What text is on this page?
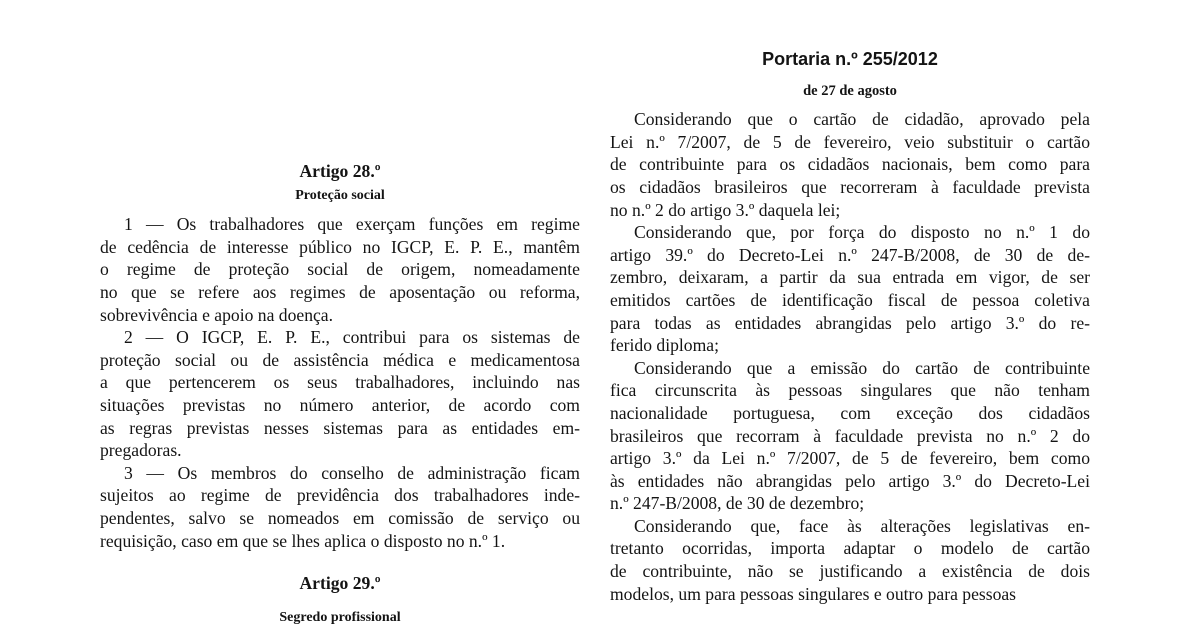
Artigo 28.º
Proteção social
1 — Os trabalhadores que exerçam funções em regime
de cedência de interesse público no IGCP, E. P. E., mantêm
o regime de proteção social de origem, nomeadamente
no que se refere aos regimes de aposentação ou reforma,
sobrevivência e apoio na doença.
2 — O IGCP, E. P. E., contribui para os sistemas de
proteção social ou de assistência médica e medicamentosa
a que pertencerem os seus trabalhadores, incluindo nas
situações previstas no número anterior, de acordo com
as regras previstas nesses sistemas para as entidades em-
pregadoras.
3 — Os membros do conselho de administração ficam
sujeitos ao regime de previdência dos trabalhadores inde-
pendentes, salvo se nomeados em comissão de serviço ou
requisição, caso em que se lhes aplica o disposto no n.º 1.
Artigo 29.º
Segredo profissional
Portaria n.º 255/2012
de 27 de agosto
Considerando que o cartão de cidadão, aprovado pela
Lei n.º 7/2007, de 5 de fevereiro, veio substituir o cartão
de contribuinte para os cidadãos nacionais, bem como para
os cidadãos brasileiros que recorreram à faculdade prevista
no n.º 2 do artigo 3.º daquela lei;
Considerando que, por força do disposto no n.º 1 do
artigo 39.º do Decreto-Lei n.º 247-B/2008, de 30 de de-
zembro, deixaram, a partir da sua entrada em vigor, de ser
emitidos cartões de identificação fiscal de pessoa coletiva
para todas as entidades abrangidas pelo artigo 3.º do re-
ferido diploma;
Considerando que a emissão do cartão de contribuinte
fica circunscrita às pessoas singulares que não tenham
nacionalidade portuguesa, com exceção dos cidadãos
brasileiros que recorram à faculdade prevista no n.º 2 do
artigo 3.º da Lei n.º 7/2007, de 5 de fevereiro, bem como
às entidades não abrangidas pelo artigo 3.º do Decreto-Lei
n.º 247-B/2008, de 30 de dezembro;
Considerando que, face às alterações legislativas en-
tretanto ocorridas, importa adaptar o modelo de cartão
de contribuinte, não se justificando a existência de dois
modelos, um para pessoas singulares e outro para pessoas
